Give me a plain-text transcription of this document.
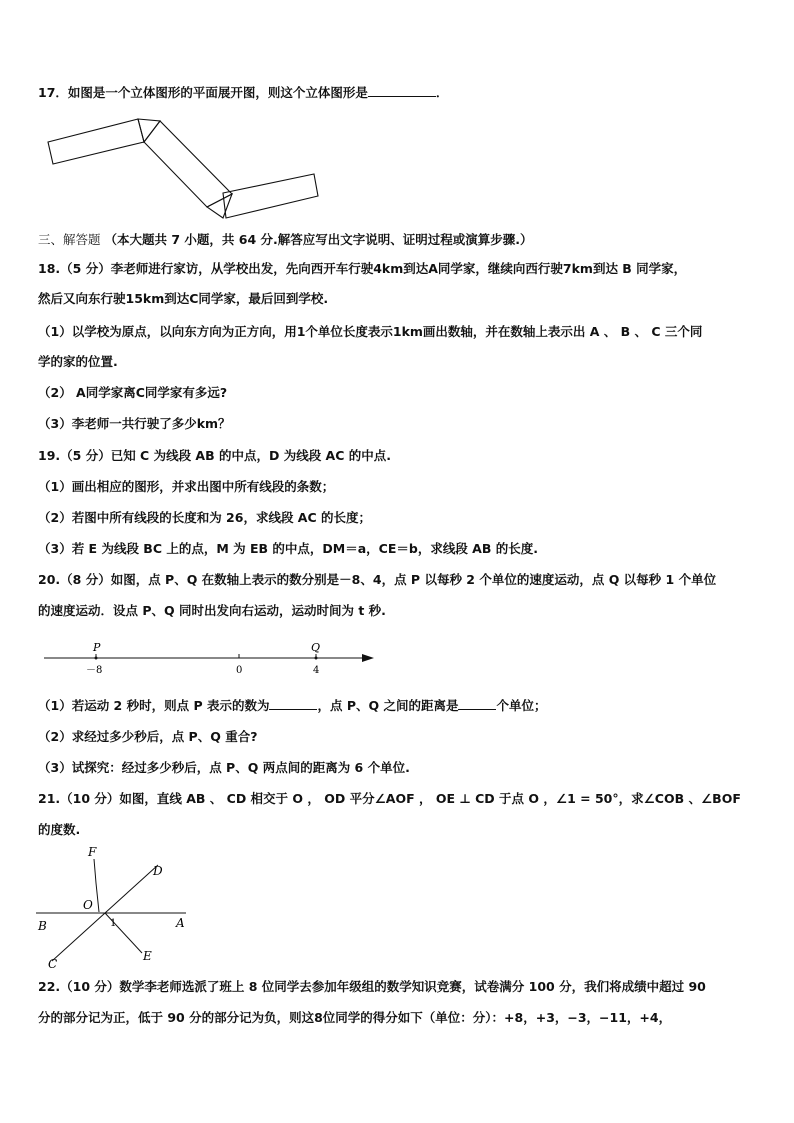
17．如图是一个立体图形的平面展开图，则这个立体图形是	．
三、解答题 （本大题共 7 小题，共 64 分.解答应写出文字说明、证明过程或演算步骤.）
18.（5 分）李老师进行家访，从学校出发，先向西开车行驶4km到达A同学家，继续向西行驶7km到达 B 同学家，
然后又向东行驶15km到达C同学家，最后回到学校.
（1）以学校为原点，以向东方向为正方向，用1个单位长度表示1km画出数轴，并在数轴上表示出 A 、 B 、 C 三个同
学的家的位置.
（2） A同学家离C同学家有多远?
（3）李老师一共行驶了多少km？
19.（5 分）已知 C 为线段 AB 的中点，D 为线段 AC 的中点.
（1）画出相应的图形，并求出图中所有线段的条数；
（2）若图中所有线段的长度和为 26，求线段 AC 的长度；
（3）若 E 为线段 BC 上的点，M 为 EB 的中点，DM＝a，CE＝b，求线段 AB 的长度.
20.（8 分）如图，点 P、Q 在数轴上表示的数分别是－8、4，点 P 以每秒 2 个单位的速度运动，点 Q 以每秒 1 个单位
的速度运动．设点 P、Q 同时出发向右运动，运动时间为 t 秒.
P	Q
－8	0	4
（1）若运动 2 秒时，则点 P 表示的数为	，点 P、Q 之间的距离是	个单位；
（2）求经过多少秒后，点 P、Q 重合?
（3）试探究：经过多少秒后，点 P、Q 两点间的距离为 6 个单位.
21.（10 分）如图，直线 AB 、 CD 相交于 O ， OD 平分∠AOF ， OE ⊥ CD 于点 O ，∠1 = 50°，求∠COB 、∠BOF
的度数.
F
D
O
B	1	A
C
E
22.（10 分）数学李老师选派了班上 8 位同学去参加年级组的数学知识竞赛，试卷满分 100 分，我们将成绩中超过 90
分的部分记为正，低于 90 分的部分记为负，则这8位同学的得分如下（单位：分）：+8，+3，−3，−11，+4，
